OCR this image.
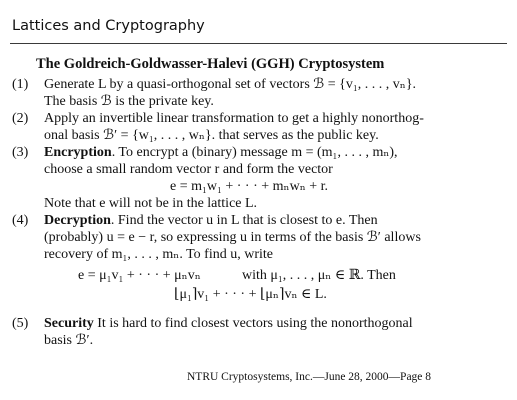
Lattices and Cryptography
The Goldreich-Goldwasser-Halevi (GGH) Cryptosystem
(1) Generate L by a quasi-orthogonal set of vectors ℬ = {v₁, . . . , vₙ}.
The basis ℬ is the private key.
(2) Apply an invertible linear transformation to get a highly nonorthog-
onal basis ℬ′ = {w₁, . . . , wₙ}. that serves as the public key.
(3) Encryption. To encrypt a (binary) message m = (m₁, . . . , mₙ),
choose a small random vector r and form the vector
e = m₁w₁ + · · · + mₙwₙ + r.
Note that e will not be in the lattice L.
(4) Decryption. Find the vector u in L that is closest to e. Then
(probably) u = e − r, so expressing u in terms of the basis ℬ′ allows
recovery of m₁, . . . , mₙ. To find u, write
e = μ₁v₁ + · · · + μₙvₙ	with μ₁, . . . , μₙ ∈ ℝ. Then
⌊μ₁⌉v₁ + · · · + ⌊μₙ⌉vₙ ∈ L.
(5) Security It is hard to find closest vectors using the nonorthogonal
basis ℬ′.
NTRU Cryptosystems, Inc.—June 28, 2000—Page 8
